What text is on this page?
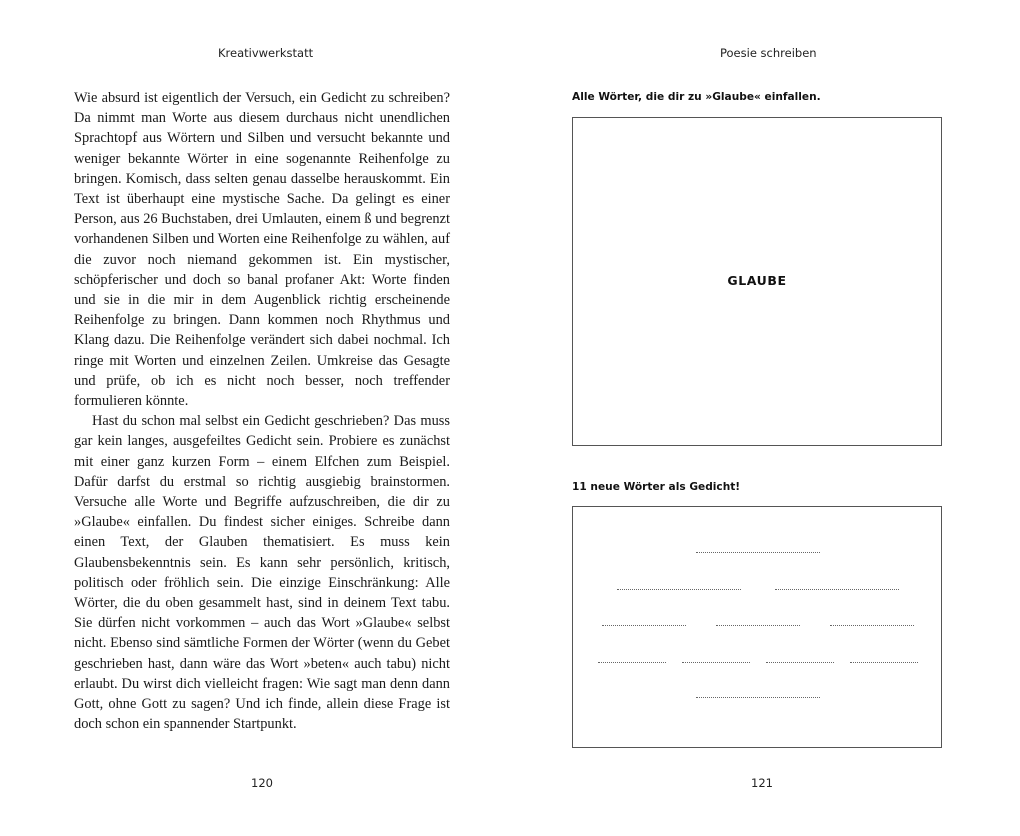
Kreativwerkstatt

Wie absurd ist eigentlich der Versuch, ein Gedicht zu schreiben? Da nimmt man Worte aus diesem durchaus nicht unendlichen Sprachtopf aus Wörtern und Silben und versucht bekannte und weniger bekannte Wörter in eine sogenannte Reihenfolge zu bringen. Komisch, dass selten genau dasselbe herauskommt. Ein Text ist überhaupt eine mystische Sache. Da gelingt es einer Person, aus 26 Buchstaben, drei Umlauten, einem ß und begrenzt vorhandenen Silben und Worten eine Reihenfolge zu wählen, auf die zuvor noch niemand gekommen ist. Ein mystischer, schöpferischer und doch so banal profaner Akt: Worte finden und sie in die mir in dem Augenblick richtig erscheinende Reihenfolge zu bringen. Dann kommen noch Rhythmus und Klang dazu. Die Reihenfolge verändert sich dabei nochmal. Ich ringe mit Worten und einzelnen Zeilen. Umkreise das Gesagte und prüfe, ob ich es nicht noch besser, noch treffender formulieren könnte.

Hast du schon mal selbst ein Gedicht geschrieben? Das muss gar kein langes, ausgefeiltes Gedicht sein. Probiere es zunächst mit einer ganz kurzen Form – einem Elfchen zum Beispiel. Dafür darfst du erstmal so richtig ausgiebig brainstormen. Versuche alle Worte und Begriffe aufzuschreiben, die dir zu »Glaube« einfallen. Du findest sicher einiges. Schreibe dann einen Text, der Glauben thematisiert. Es muss kein Glaubensbekenntnis sein. Es kann sehr persönlich, kritisch, politisch oder fröhlich sein. Die einzige Einschränkung: Alle Wörter, die du oben gesammelt hast, sind in deinem Text tabu. Sie dürfen nicht vorkommen – auch das Wort »Glaube« selbst nicht. Ebenso sind sämtliche Formen der Wörter (wenn du Gebet geschrieben hast, dann wäre das Wort »beten« auch tabu) nicht erlaubt. Du wirst dich vielleicht fragen: Wie sagt man denn dann Gott, ohne Gott zu sagen? Und ich finde, allein diese Frage ist doch schon ein spannender Startpunkt.

120
Poesie schreiben
Alle Wörter, die dir zu »Glaube« einfallen.
GLAUBE
11 neue Wörter als Gedicht!
121
